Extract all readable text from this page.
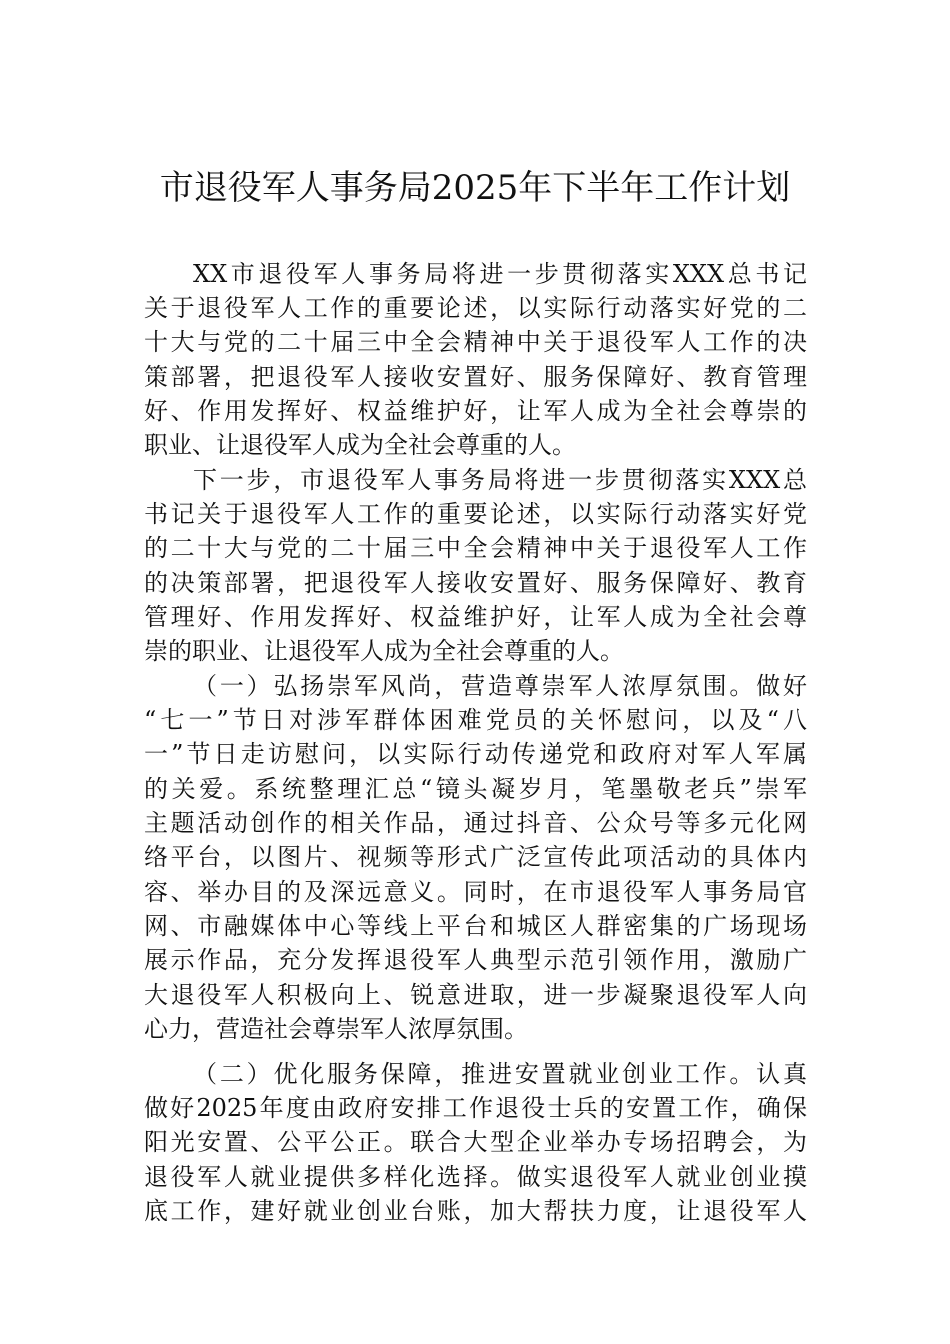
市退役军人事务局2025年下半年工作计划
XX市退役军人事务局将进一步贯彻落实XXX总书记
关于退役军人工作的重要论述，以实际行动落实好党的二
十大与党的二十届三中全会精神中关于退役军人工作的决
策部署，把退役军人接收安置好、服务保障好、教育管理
好、作用发挥好、权益维护好，让军人成为全社会尊崇的
职业、让退役军人成为全社会尊重的人。
下一步，市退役军人事务局将进一步贯彻落实XXX总
书记关于退役军人工作的重要论述，以实际行动落实好党
的二十大与党的二十届三中全会精神中关于退役军人工作
的决策部署，把退役军人接收安置好、服务保障好、教育
管理好、作用发挥好、权益维护好，让军人成为全社会尊
崇的职业、让退役军人成为全社会尊重的人。
（一）弘扬崇军风尚，营造尊崇军人浓厚氛围。做好
“七一”节日对涉军群体困难党员的关怀慰问，以及“八
一”节日走访慰问，以实际行动传递党和政府对军人军属
的关爱。系统整理汇总“镜头凝岁月，笔墨敬老兵”崇军
主题活动创作的相关作品，通过抖音、公众号等多元化网
络平台，以图片、视频等形式广泛宣传此项活动的具体内
容、举办目的及深远意义。同时，在市退役军人事务局官
网、市融媒体中心等线上平台和城区人群密集的广场现场
展示作品，充分发挥退役军人典型示范引领作用，激励广
大退役军人积极向上、锐意进取，进一步凝聚退役军人向
心力，营造社会尊崇军人浓厚氛围。
（二）优化服务保障，推进安置就业创业工作。认真
做好2025年度由政府安排工作退役士兵的安置工作，确保
阳光安置、公平公正。联合大型企业举办专场招聘会，为
退役军人就业提供多样化选择。做实退役军人就业创业摸
底工作，建好就业创业台账，加大帮扶力度，让退役军人
